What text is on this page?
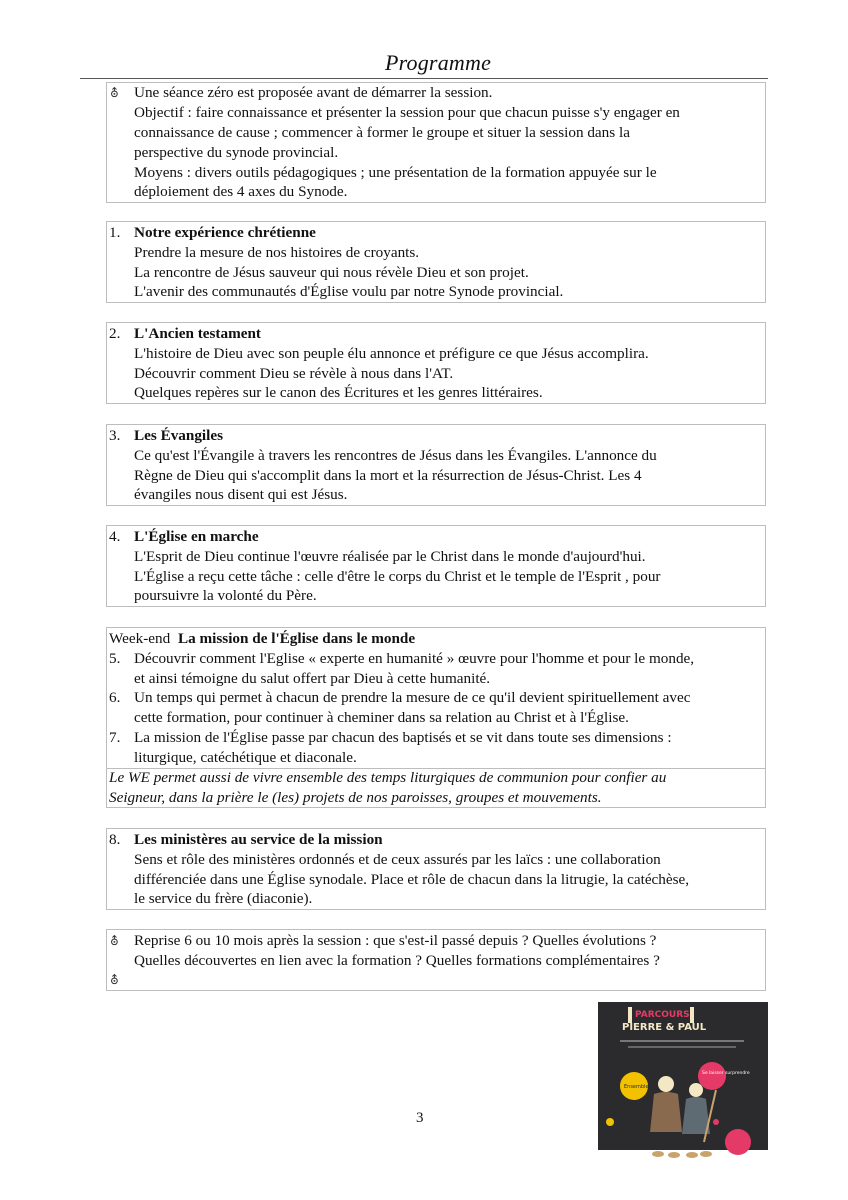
Programme
⛢ Une séance zéro est proposée avant de démarrer la session.
Objectif : faire connaissance et présenter la session pour que chacun puisse s'y engager en
connaissance de cause ; commencer à former le groupe et situer la session dans la
perspective du synode provincial.
Moyens : divers outils pédagogiques ; une présentation de la formation appuyée sur le
déploiement des 4 axes du Synode.
1. Notre expérience chrétienne
Prendre la mesure de nos histoires de croyants.
La rencontre de Jésus sauveur qui nous révèle Dieu et son projet.
L'avenir des communautés d'Église voulu par notre Synode provincial.
2. L'Ancien testament
L'histoire de Dieu avec son peuple élu annonce et préfigure ce que Jésus accomplira.
Découvrir comment Dieu se révèle à nous dans l'AT.
Quelques repères sur le canon des Écritures et les genres littéraires.
3. Les Évangiles
Ce qu'est l'Évangile à travers les rencontres de Jésus dans les Évangiles. L'annonce du
Règne de Dieu qui s'accomplit dans la mort et la résurrection de Jésus-Christ. Les 4
évangiles nous disent qui est Jésus.
4. L'Église en marche
L'Esprit de Dieu continue l'œuvre réalisée par le Christ dans le monde d'aujourd'hui.
L'Église a reçu cette tâche : celle d'être le corps du Christ et le temple de l'Esprit , pour
poursuivre la volonté du Père.
Week-end La mission de l'Église dans le monde
5. Découvrir comment l'Eglise « experte en humanité » œuvre pour l'homme et pour le monde,
et ainsi témoigne du salut offert par Dieu à cette humanité.
6. Un temps qui permet à chacun de prendre la mesure de ce qu'il devient spirituellement avec
cette formation, pour continuer à cheminer dans sa relation au Christ et à l'Église.
7. La mission de l'Église passe par chacun des baptisés et se vit dans toute ses dimensions :
liturgique, catéchétique et diaconale.
Le WE permet aussi de vivre ensemble des temps liturgiques de communion pour confier au
Seigneur, dans la prière le (les) projets de nos paroisses, groupes et mouvements.
8. Les ministères au service de la mission
Sens et rôle des ministères ordonnés et de ceux assurés par les laïcs : une collaboration
différenciée dans une Église synodale. Place et rôle de chacun dans la litrugie, la catéchèse,
le service du frère (diaconie).
⛢ Reprise 6 ou 10 mois après la session : que s'est-il passé depuis ? Quelles évolutions ?
Quelles découvertes en lien avec la formation ? Quelles formations complémentaires ?
⛢
PARCOURS
PIERRE & PAUL
Ensemble
Se laisser surprendre
3
